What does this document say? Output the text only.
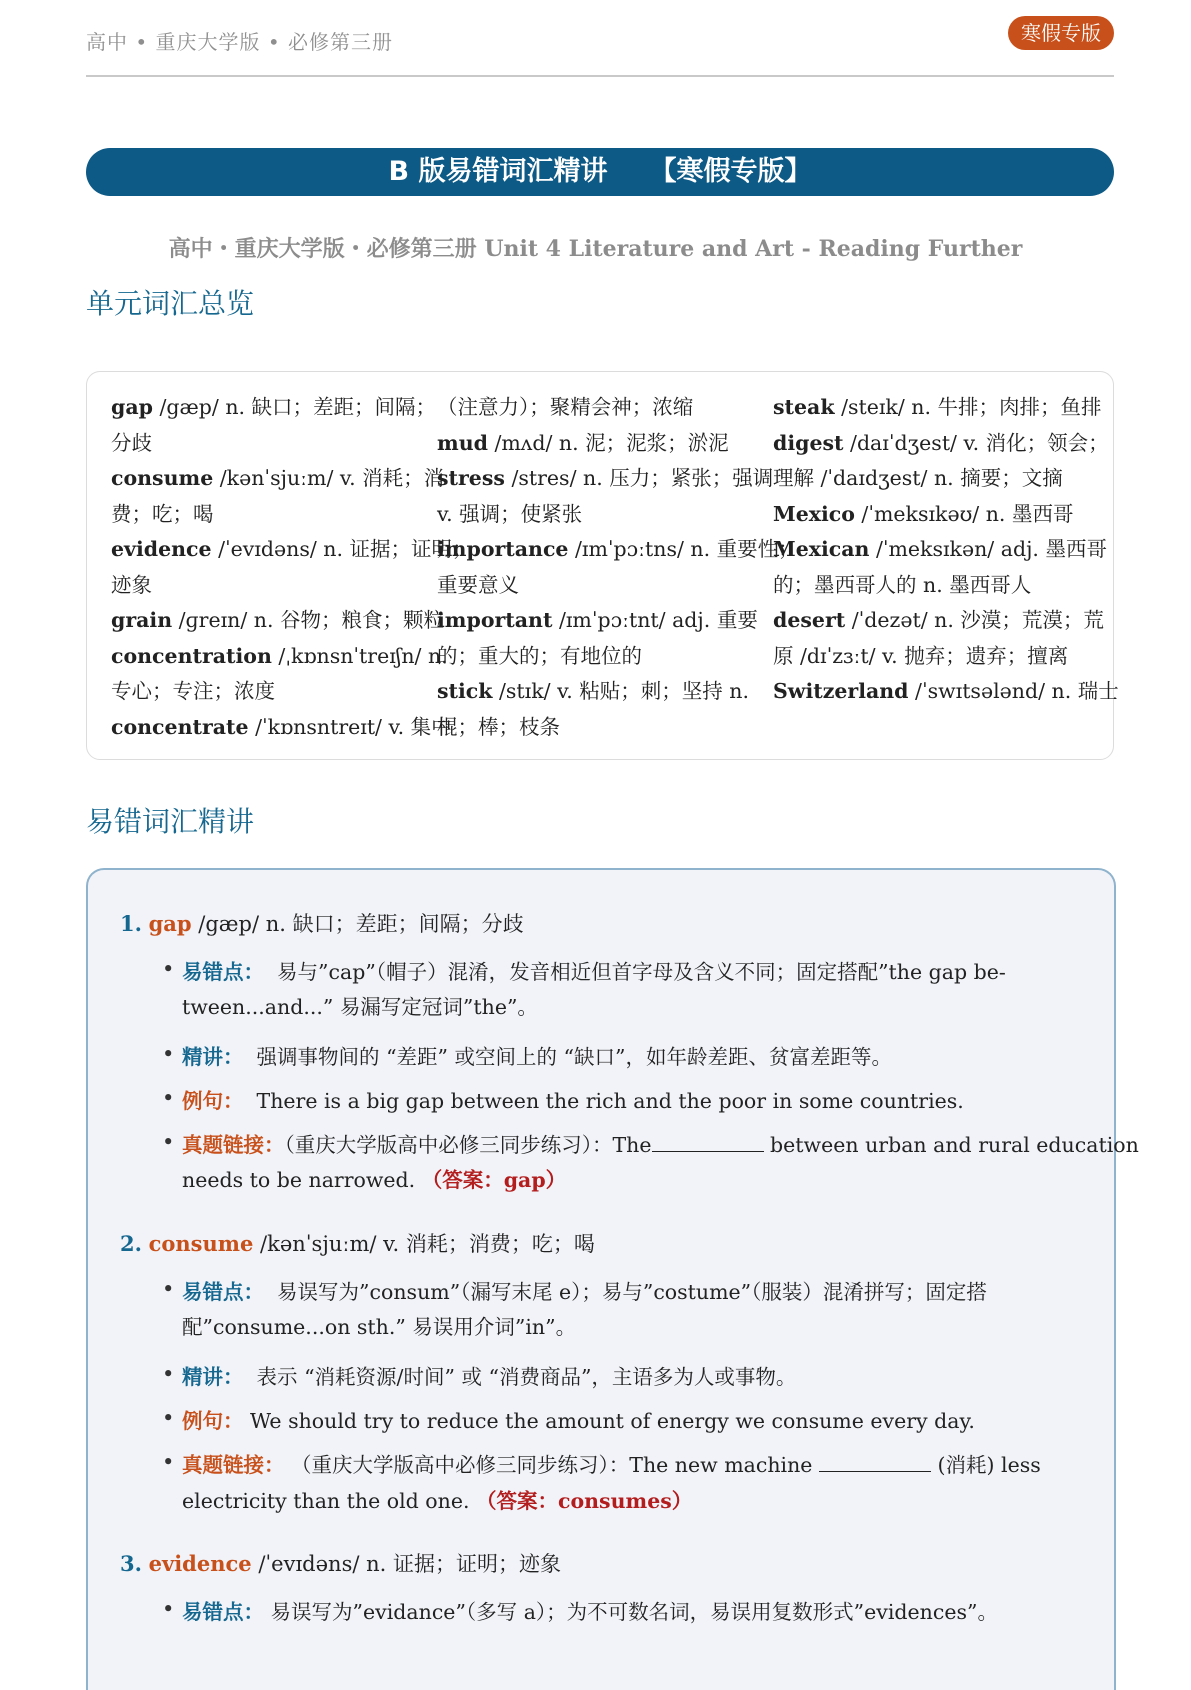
高中 • 重庆大学版 • 必修第三册	寒假专版
B 版易错词汇精讲 【寒假专版】
高中・重庆大学版・必修第三册 Unit 4 Literature and Art - Reading Further
单元词汇总览
gap /gæp/ n. 缺口；差距；间隔；
分歧
consume /kənˈsjuːm/ v. 消耗；消
费；吃；喝
evidence /ˈevɪdəns/ n. 证据；证明；
迹象
grain /ɡreɪn/ n. 谷物；粮食；颗粒
concentration /ˌkɒnsnˈtreɪʃn/ n.
专心；专注；浓度
concentrate /ˈkɒnsntreɪt/ v. 集中
（注意力）；聚精会神；浓缩
mud /mʌd/ n. 泥；泥浆；淤泥
stress /stres/ n. 压力；紧张；强调
v. 强调；使紧张
importance /ɪmˈpɔːtns/ n. 重要性；
重要意义
important /ɪmˈpɔːtnt/ adj. 重要
的；重大的；有地位的
stick /stɪk/ v. 粘贴；刺；坚持 n.
棍；棒；枝条
steak /steɪk/ n. 牛排；肉排；鱼排
digest /daɪˈdʒest/ v. 消化；领会；
理解 /ˈdaɪdʒest/ n. 摘要；文摘
Mexico /ˈmeksɪkəʊ/ n. 墨西哥
Mexican /ˈmeksɪkən/ adj. 墨西哥
的；墨西哥人的 n. 墨西哥人
desert /ˈdezət/ n. 沙漠；荒漠；荒
原 /dɪˈzɜːt/ v. 抛弃；遗弃；擅离
Switzerland /ˈswɪtsələnd/ n. 瑞士
易错词汇精讲
1. gap /gæp/ n. 缺口；差距；间隔；分歧
• 易错点： 易与”cap”（帽子）混淆，发音相近但首字母及含义不同；固定搭配”the gap be-
tween...and...” 易漏写定冠词”the”。
• 精讲： 强调事物间的 “差距” 或空间上的 “缺口”，如年龄差距、贫富差距等。
• 例句： There is a big gap between the rich and the poor in some countries.
• 真题链接：（重庆大学版高中必修三同步练习）：The	between urban and rural education
needs to be narrowed. （答案：gap）
2. consume /kənˈsjuːm/ v. 消耗；消费；吃；喝
• 易错点： 易误写为”consum”（漏写末尾 e）；易与”costume”（服装）混淆拼写；固定搭
配”consume...on sth.” 易误用介词”in”。
• 精讲： 表示 “消耗资源/时间” 或 “消费商品”，主语多为人或事物。
• 例句： We should try to reduce the amount of energy we consume every day.
• 真题链接： （重庆大学版高中必修三同步练习）：The new machine	(消耗) less
electricity than the old one. （答案：consumes）
3. evidence /ˈevɪdəns/ n. 证据；证明；迹象
• 易错点： 易误写为”evidance”（多写 a）；为不可数名词，易误用复数形式”evidences”。
